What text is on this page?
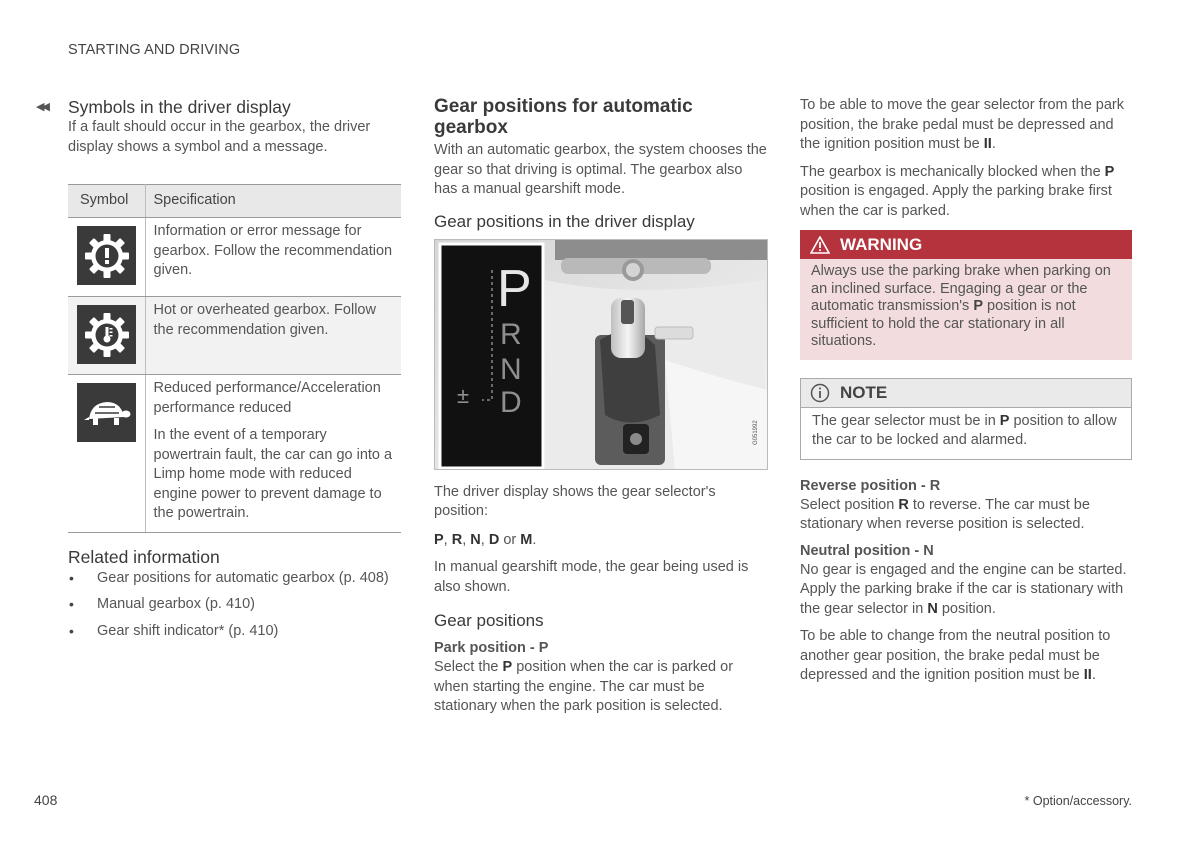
STARTING AND DRIVING
408	* Option/accessory.
◀◀ Symbols in the driver display

If a fault should occur in the gearbox, the driver display shows a symbol and a message.

Symbol	Specification

	Information or error message for gearbox. Follow the recommendation given.

	Hot or overheated gearbox. Follow the recommendation given.

Reduced performance/Acceleration performance reduced
In the event of a temporary powertrain fault, the car can go into a Limp home mode with reduced engine power to prevent damage to the powertrain.
Related information
• Gear positions for automatic gearbox (p. 408)
• Manual gearbox (p. 410)
• Gear shift indicator* (p. 410)
Gear positions for automatic gearbox

With an automatic gearbox, the system chooses the gear so that driving is optimal. The gearbox also has a manual gearshift mode.

Gear positions in the driver display
G051992
P
R
N
D
±

The driver display shows the gear selector's position:

P, R, N, D or M.

In manual gearshift mode, the gear being used is also shown.

Gear positions
Park position - P

Select the P position when the car is parked or when starting the engine. The car must be stationary when the park position is selected.

To be able to move the gear selector from the park position, the brake pedal must be depressed and the ignition position must be II.

The gearbox is mechanically blocked when the P position is engaged. Apply the parking brake first when the car is parked.

WARNING
Always use the parking brake when parking on an inclined surface. Engaging a gear or the automatic transmission's P position is not sufficient to hold the car stationary in all situations.
NOTE
The gear selector must be in P position to allow the car to be locked and alarmed.
Reverse position - R

Select position R to reverse. The car must be stationary when reverse position is selected.

Neutral position - N

No gear is engaged and the engine can be started. Apply the parking brake if the car is stationary with the gear selector in N position.

To be able to change from the neutral position to another gear position, the brake pedal must be depressed and the ignition position must be II.
